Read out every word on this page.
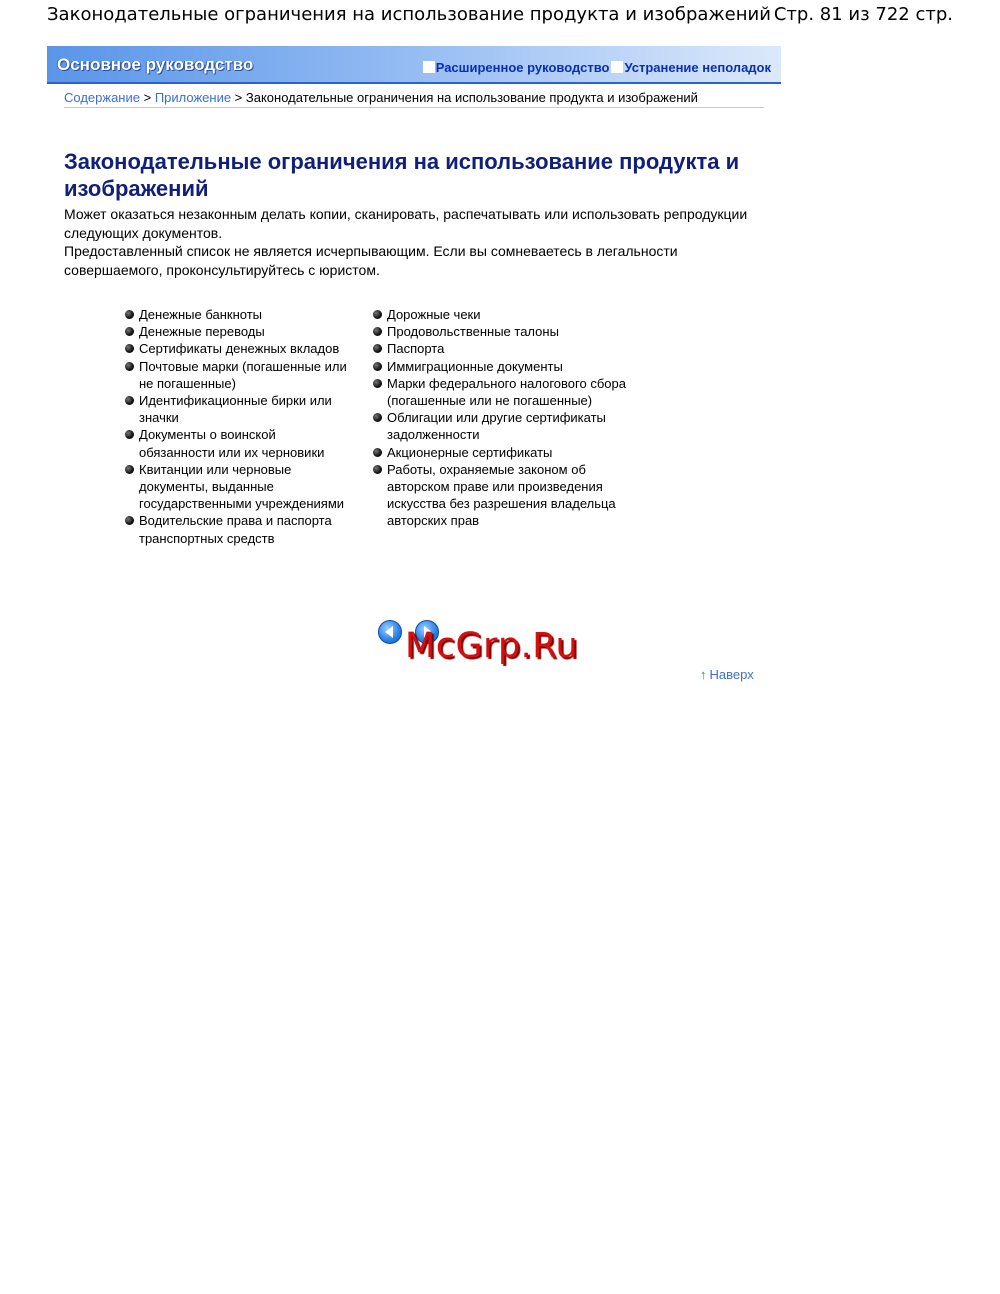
Законодательные ограничения на использование продукта и изображений Стр. 81 из 722 стр.
Основное руководство	Расширенное руководство Устранение неполадок
Содержание > Приложение > Законодательные ограничения на использование продукта и изображений
Законодательные ограничения на использование продукта и изображений

Может оказаться незаконным делать копии, сканировать, распечатывать или использовать репродукции следующих документов.

Предоставленный список не является исчерпывающим. Если вы сомневаетесь в легальности совершаемого, проконсультируйтесь с юристом.

Денежные банкноты
Денежные переводы
Сертификаты денежных вкладов
Почтовые марки (погашенные или не погашенные)
Идентификационные бирки или значки
Документы о воинской обязанности или их черновики
Квитанции или черновые документы, выданные государственными учреждениями
Водительские права и паспорта транспортных средств
Дорожные чеки
Продовольственные талоны
Паспорта
Иммиграционные документы
Марки федерального налогового сбора (погашенные или не погашенные)
Облигации или другие сертификаты задолженности
Акционерные сертификаты
Работы, охраняемые законом об авторском праве или произведения искусства без разрешения владельца авторских прав
McGrp.Ru
↑ Наверх
